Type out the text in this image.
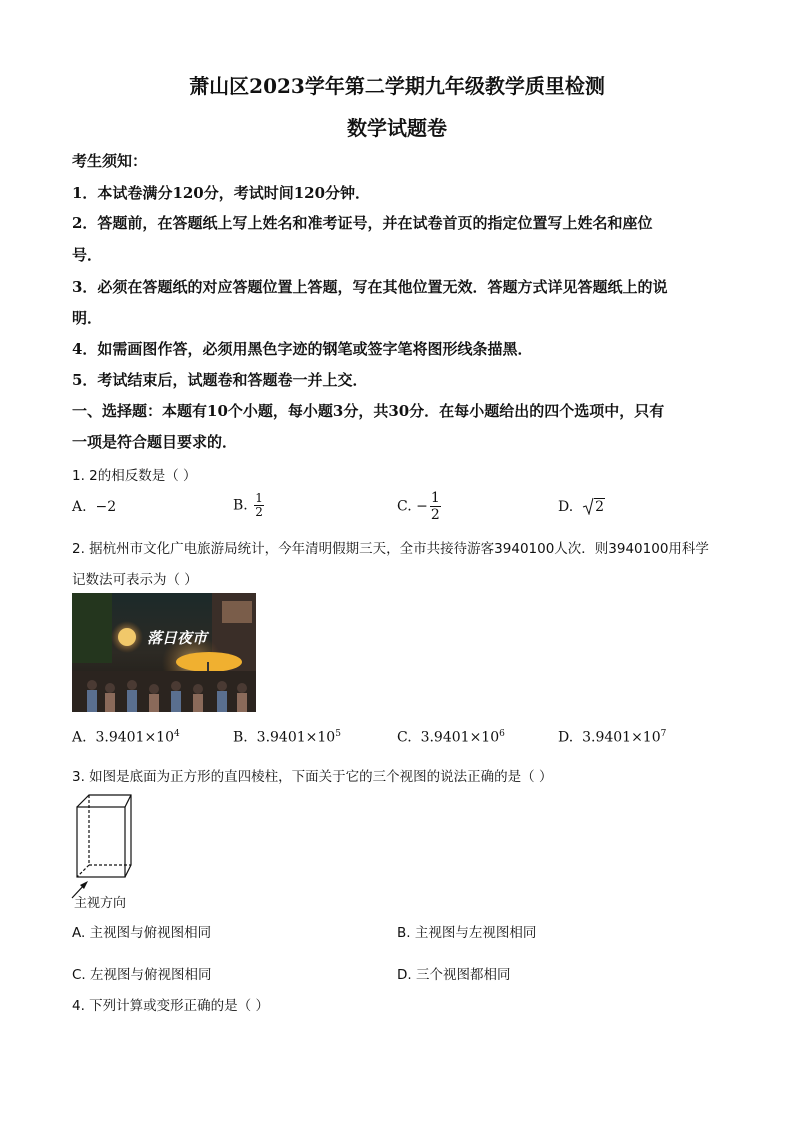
萧山区2023学年第二学期九年级教学质里检测
数学试题卷
考生须知：
1．本试卷满分120分，考试时间120分钟．
2．答题前，在答题纸上写上姓名和准考证号，并在试卷首页的指定位置写上姓名和座位
号．
3．必须在答题纸的对应答题位置上答题，写在其他位置无效．答题方式详见答题纸上的说
明．
4．如需画图作答，必须用黑色字迹的钢笔或签字笔将图形线条描黑．
5．考试结束后，试题卷和答题卷一并上交．
一、选择题：本题有10个小题，每小题3分，共30分．在每小题给出的四个选项中，只有
一项是符合题目要求的．
1. 2的相反数是（ ）
A. −2	B. $\frac{1}{2}$	C. − $\frac{1}{2}$	D. 2
2. 据杭州市文化广电旅游局统计，今年清明假期三天，全市共接待游客3940100人次．则3940100用科学
记数法可表示为（ ）
落日夜市
A. $3.9401\times 10^4$	B. $3.9401\times 10^5$	C. $3.9401\times 10^6$	D. $3.9401\times 10^7$
3. 如图是底面为正方形的直四棱柱，下面关于它的三个视图的说法正确的是（ ）
主视方向
A. 主视图与俯视图相同	B. 主视图与左视图相同
C. 左视图与俯视图相同	D. 三个视图都相同
4. 下列计算或变形正确的是（ ）
